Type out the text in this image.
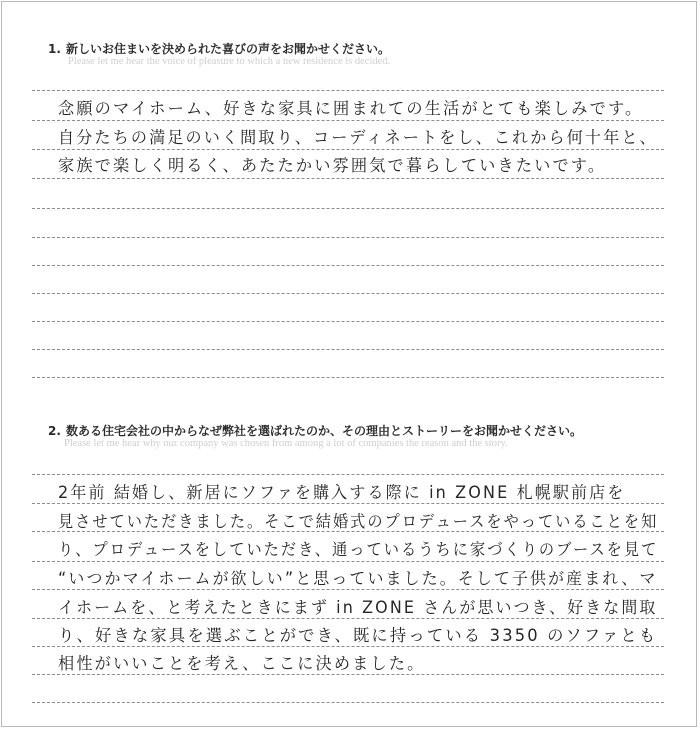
1. 新しいお住まいを決められた喜びの声をお聞かせください。
Please let me hear the voice of pleasure to which a new residence is decided.
念願のマイホーム、好きな家具に囲まれての生活がとても楽しみです。
自分たちの満足のいく間取り、コーディネートをし、これから何十年と、
家族で楽しく明るく、あたたかい雰囲気で暮らしていきたいです。
2. 数ある住宅会社の中からなぜ弊社を選ばれたのか、その理由とストーリーをお聞かせください。
Please let me hear why our company was chosen from among a lot of companies the reason and the story.
2年前 結婚し、新居にソファを購入する際に in ZONE 札幌駅前店を
見させていただきました。そこで結婚式のプロデュースをやっていることを知
り、プロデュースをしていただき、通っているうちに家づくりのブースを見て
“いつかマイホームが欲しい”と思っていました。そして子供が産まれ、マ
イホームを、と考えたときにまず in ZONE さんが思いつき、好きな間取
り、好きな家具を選ぶことができ、既に持っている 3350 のソファとも
相性がいいことを考え、ここに決めました。
